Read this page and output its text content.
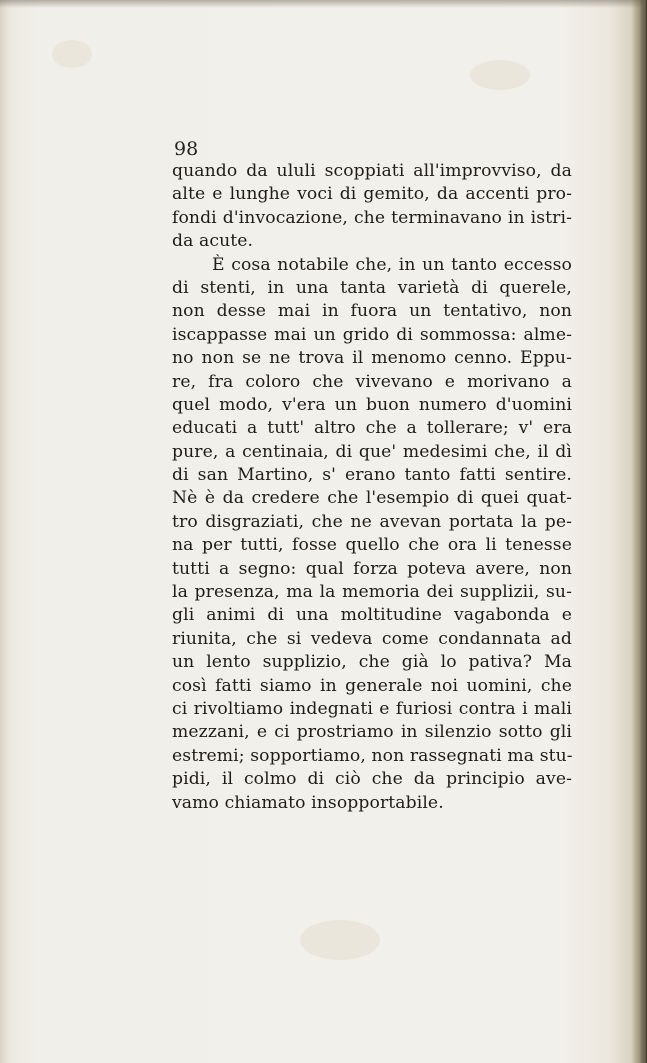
98
quando da ululi scoppiati all'improvviso, da
alte e lunghe voci di gemito, da accenti pro-
fondi d'invocazione, che terminavano in istri-
da acute.
È cosa notabile che, in un tanto eccesso
di stenti, in una tanta varietà di querele,
non desse mai in fuora un tentativo, non
iscappasse mai un grido di sommossa: almе-
no non se ne trova il menomo cenno. Eppu-
re, fra coloro che vivevano e morivano a
quel modo, v'era un buon numero d'uomini
educati a tutt' altro che a tollerare; v' era
pure, a centinaia, di que' medesimi che, il dì
di san Martino, s' erano tanto fatti sentire.
Nè è da credere che l'esempio di quei quat-
tro disgraziati, che ne avevan portata la pe-
na per tutti, fosse quello che ora li tenesse
tutti a segno: qual forza poteva avere, non
la presenza, ma la memoria dei supplizii, su-
gli animi di una moltitudine vagabonda e
riunita, che si vedeva come condannata ad
un lento supplizio, che già lo pativa? Ma
così fatti siamo in generale noi uomini, che
ci rivoltiamo indegnati e furiosi contra i mali
mezzani, e ci prostriamo in silenzio sotto gli
estremi; sopportiamo, non rassegnati ma stu-
pidi, il colmo di ciò che da principio ave-
vamo chiamato insopportabile.
